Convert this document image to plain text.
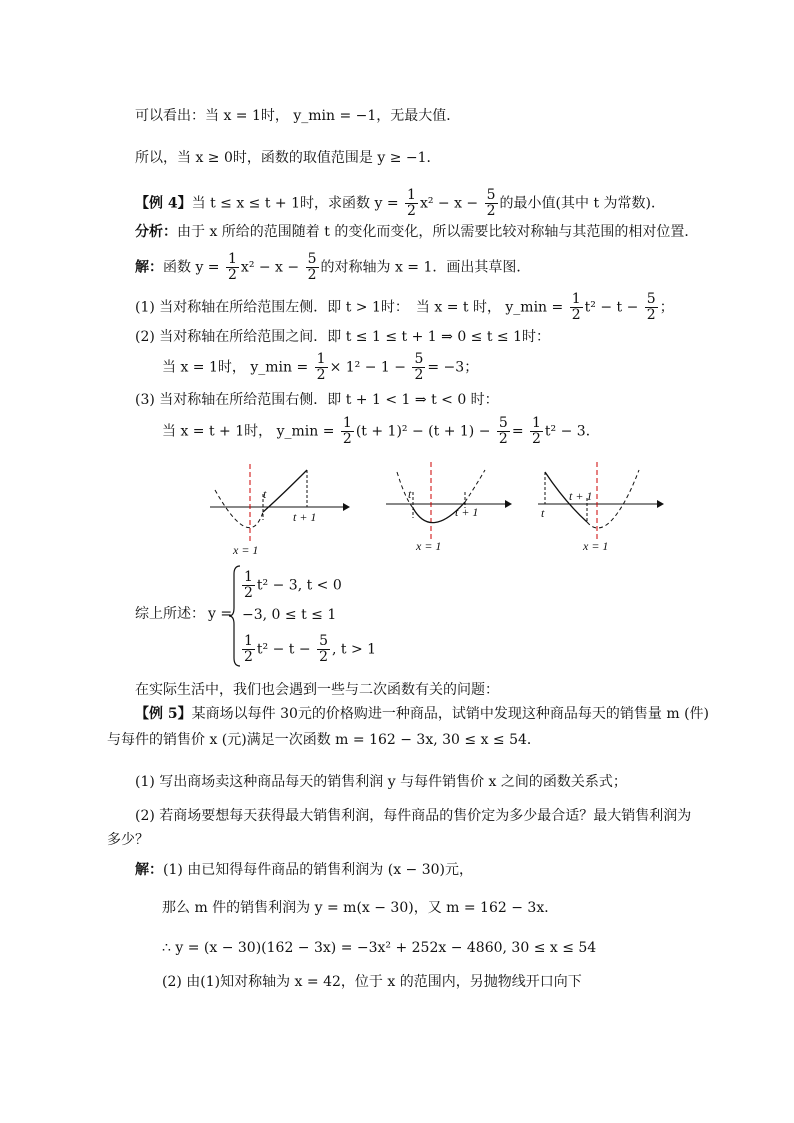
可以看出：当 x = 1时， y_min = −1，无最大值．
所以，当 x ≥ 0时，函数的取值范围是 y ≥ −1．
【例 4】当 t ≤ x ≤ t + 1时，求函数 $y = \frac{1}{2} x^2 - x - \frac{5}{2}$ 的最小值(其中 t 为常数)．
分析：由于 x 所给的范围随着 t 的变化而变化，所以需要比较对称轴与其范围的相对位置．
解：函数 $y = \frac{1}{2} x^2 - x - \frac{5}{2}$ 的对称轴为 x = 1．画出其草图．
(1) 当对称轴在所给范围左侧．即 t > 1时：　当 x = t 时， y_min = $\frac{1}{2} t^2 - t - \frac{5}{2}$ ；
(2) 当对称轴在所给范围之间．即 t ≤ 1 ≤ t + 1 ⇒ 0 ≤ t ≤ 1时：
当 x = 1时， y_min = $\frac{1}{2} \times 1^2 - 1 - \frac{5}{2} = -3$；
(3) 当对称轴在所给范围右侧．即 t + 1 < 1 ⇒ t < 0 时：
当 x = t + 1时， y_min = $\frac{1}{2} (t + 1)^2 - (t + 1) - \frac{5}{2} = \frac{1}{2} t^2 - 3$．
t
t + 1
x = 1
t
t + 1
x = 1
t
t + 1
x = 1
综上所述： y =
$\frac{1}{2} t^2 - 3$, t < 0
−3, 0 ≤ t ≤ 1
$\frac{1}{2} t^2 - t - \frac{5}{2}$ , t > 1
在实际生活中，我们也会遇到一些与二次函数有关的问题：
【例 5】某商场以每件 30元的价格购进一种商品，试销中发现这种商品每天的销售量 m (件)
与每件的销售价 x (元)满足一次函数 m = 162 − 3x, 30 ≤ x ≤ 54．
(1) 写出商场卖这种商品每天的销售利润 y 与每件销售价 x 之间的函数关系式；
(2) 若商场要想每天获得最大销售利润，每件商品的售价定为多少最合适？最大销售利润为
多少？
解：(1) 由已知得每件商品的销售利润为 (x − 30)元，
那么 m 件的销售利润为 y = m(x − 30)，又 m = 162 − 3x．
∴ y = (x − 30)(162 − 3x) = −3x² + 252x − 4860, 30 ≤ x ≤ 54
(2) 由(1)知对称轴为 x = 42，位于 x 的范围内，另抛物线开口向下
